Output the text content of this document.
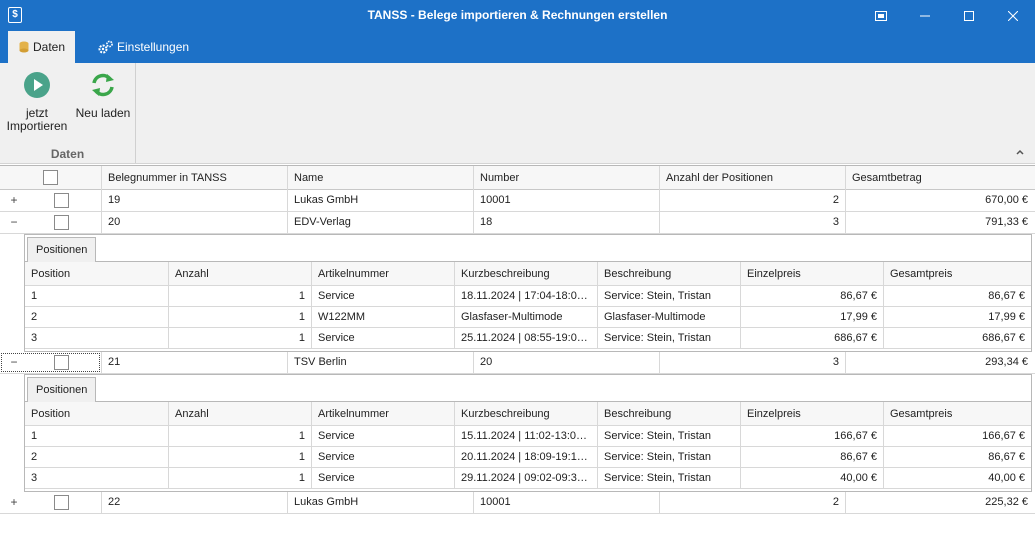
$	TANSS - Belege importieren & Rechnungen erstellen
Daten	Einstellungen
jetzt
Importieren
Neu laden
Daten
Belegnummer in TANSS	Name	Number	Anzahl der Positionen	Gesamtbetrag
+	19	Lukas GmbH	10001	2	670,00 €
−	20	EDV-Verlag	18	3	791,33 €
Positionen
Position	Anzahl	Artikelnummer	Kurzbeschreibung	Beschreibung	Einzelpreis	Gesamtpreis
1	1	Service	18.11.2024 | 17:04-18:0…	Service: Stein, Tristan	86,67 €	86,67 €
2	1	W122MM	Glasfaser-Multimode	Glasfaser-Multimode	17,99 €	17,99 €
3	1	Service	25.11.2024 | 08:55-19:0…	Service: Stein, Tristan	686,67 €	686,67 €
−	21	TSV Berlin	20	3	293,34 €
Positionen
Position	Anzahl	Artikelnummer	Kurzbeschreibung	Beschreibung	Einzelpreis	Gesamtpreis
1	1	Service	15.11.2024 | 11:02-13:0…	Service: Stein, Tristan	166,67 €	166,67 €
2	1	Service	20.11.2024 | 18:09-19:1…	Service: Stein, Tristan	86,67 €	86,67 €
3	1	Service	29.11.2024 | 09:02-09:3…	Service: Stein, Tristan	40,00 €	40,00 €
+	22	Lukas GmbH	10001	2	225,32 €
